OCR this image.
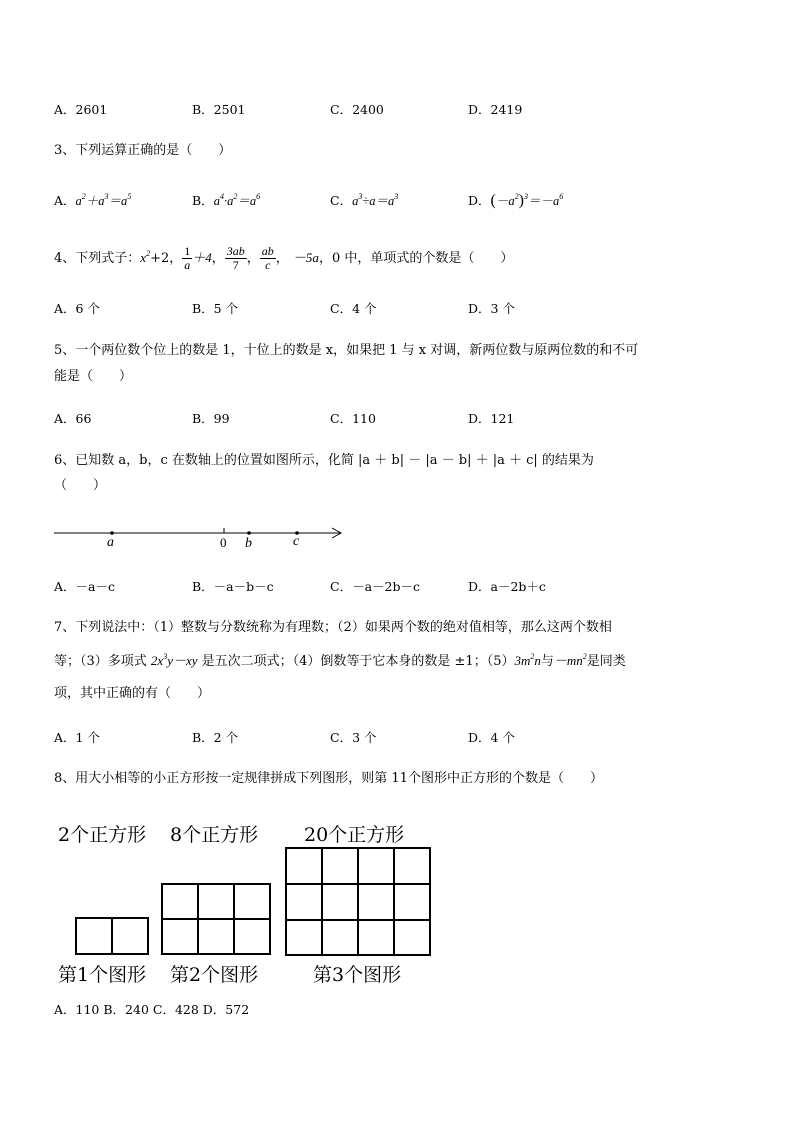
A．2601	B．2501	C．2400	D．2419
3、下列运算正确的是（　　）
A．$a^2+a^3=a^5$	B．$a^4\cdot a^2=a^6$	C．$a^3\div a=a^3$	D．$(-a^2)^3=-a^6$
4、下列式子：$x^2+2$， $\frac{1}{a} +4$， $\frac{3ab}{7}$ ， $\frac{ab}{c}$ ， －5a，0 中，单项式的个数是（　　）
A．6 个	B．5 个	C．4 个	D．3 个
5、一个两位数个位上的数是 1，十位上的数是 x，如果把 1 与 x 对调，新两位数与原两位数的和不可
能是（　　）
A．66	B．99	C．110	D．121
6、已知数 a，b，c 在数轴上的位置如图所示，化简 |a ＋ b| － |a － b| ＋ |a ＋ c| 的结果为
（　　）
a	0 b	c
A．－a－c	B．－a－b－c	C．－a－2b－c	D．a－2b＋c
7、下列说法中：（1）整数与分数统称为有理数；（2）如果两个数的绝对值相等，那么这两个数相
等；（3）多项式 $2x^3y-xy$ 是五次二项式；（4）倒数等于它本身的数是 ±1；$(5)3m^2n$与$-mn^2$是同类
项，其中正确的有（　　）
A．1 个	B．2 个	C．3 个	D．4 个
8、用大小相等的小正方形按一定规律拼成下列图形，则第 11个图形中正方形的个数是（　　）
2个正方形 8个正方形 20个正方形
第1个图形 第2个图形	第3个图形
A．110 B．240 C．428 D．572
